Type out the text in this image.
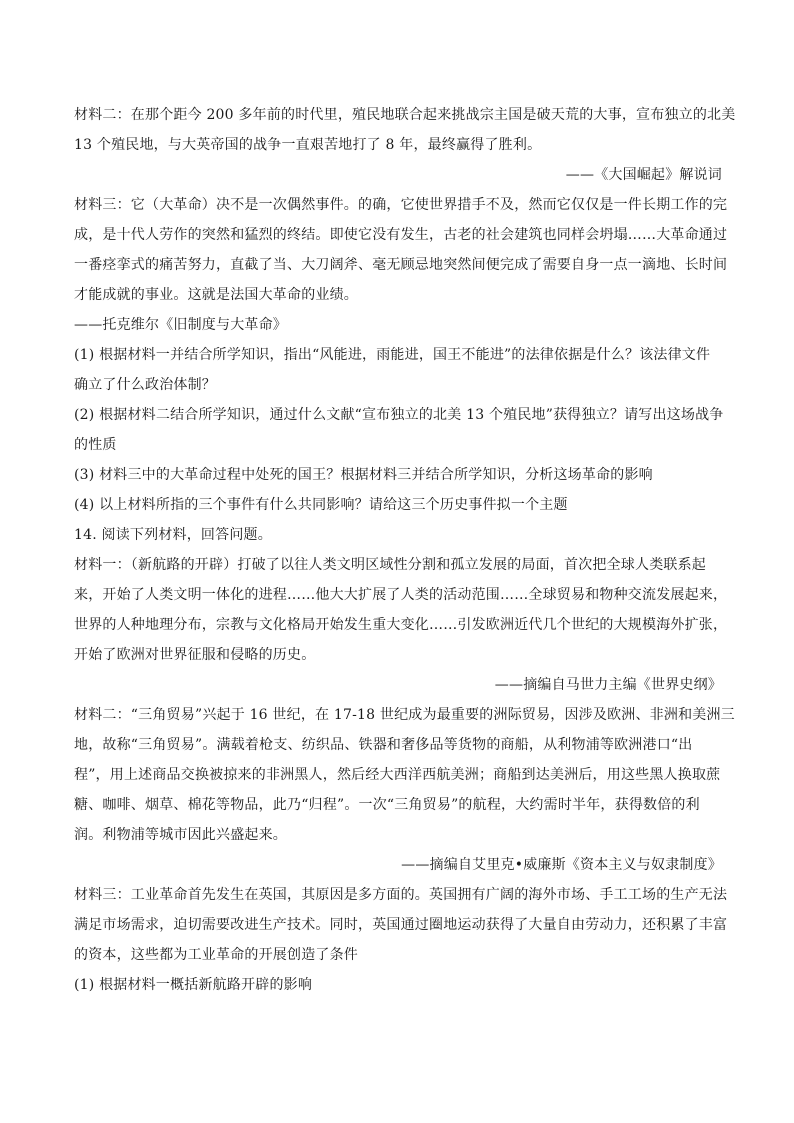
材料二：在那个距今 200 多年前的时代里，殖民地联合起来挑战宗主国是破天荒的大事，宣布独立的北美
13 个殖民地，与大英帝国的战争一直艰苦地打了 8 年，最终赢得了胜利。
——《大国崛起》解说词
材料三：它（大革命）决不是一次偶然事件。的确，它使世界措手不及，然而它仅仅是一件长期工作的完
成，是十代人劳作的突然和猛烈的终结。即使它没有发生，古老的社会建筑也同样会坍塌……大革命通过
一番痉挛式的痛苦努力，直截了当、大刀阔斧、毫无顾忌地突然间便完成了需要自身一点一滴地、长时间
才能成就的事业。这就是法国大革命的业绩。
——托克维尔《旧制度与大革命》
(1) 根据材料一并结合所学知识，指出“风能进，雨能进，国王不能进”的法律依据是什么？该法律文件
确立了什么政治体制？
(2) 根据材料二结合所学知识，通过什么文献“宣布独立的北美 13 个殖民地”获得独立？请写出这场战争
的性质
(3) 材料三中的大革命过程中处死的国王？根据材料三并结合所学知识，分析这场革命的影响
(4) 以上材料所指的三个事件有什么共同影响？请给这三个历史事件拟一个主题
14. 阅读下列材料，回答问题。
材料一：（新航路的开辟）打破了以往人类文明区域性分割和孤立发展的局面，首次把全球人类联系起
来，开始了人类文明一体化的进程……他大大扩展了人类的活动范围……全球贸易和物种交流发展起来，
世界的人种地理分布，宗教与文化格局开始发生重大变化……引发欧洲近代几个世纪的大规模海外扩张，
开始了欧洲对世界征服和侵略的历史。
——摘编自马世力主编《世界史纲》
材料二：“三角贸易”兴起于 16 世纪，在 17-18 世纪成为最重要的洲际贸易，因涉及欧洲、非洲和美洲三
地，故称“三角贸易”。满载着枪支、纺织品、铁器和奢侈品等货物的商船，从利物浦等欧洲港口“出
程”，用上述商品交换被掠来的非洲黑人，然后经大西洋西航美洲；商船到达美洲后，用这些黑人换取蔗
糖、咖啡、烟草、棉花等物品，此乃“归程”。一次“三角贸易”的航程，大约需时半年，获得数倍的利
润。利物浦等城市因此兴盛起来。
——摘编自艾里克•威廉斯《资本主义与奴隶制度》
材料三：工业革命首先发生在英国，其原因是多方面的。英国拥有广阔的海外市场、手工工场的生产无法
满足市场需求，迫切需要改进生产技术。同时，英国通过圈地运动获得了大量自由劳动力，还积累了丰富
的资本，这些都为工业革命的开展创造了条件
(1) 根据材料一概括新航路开辟的影响
